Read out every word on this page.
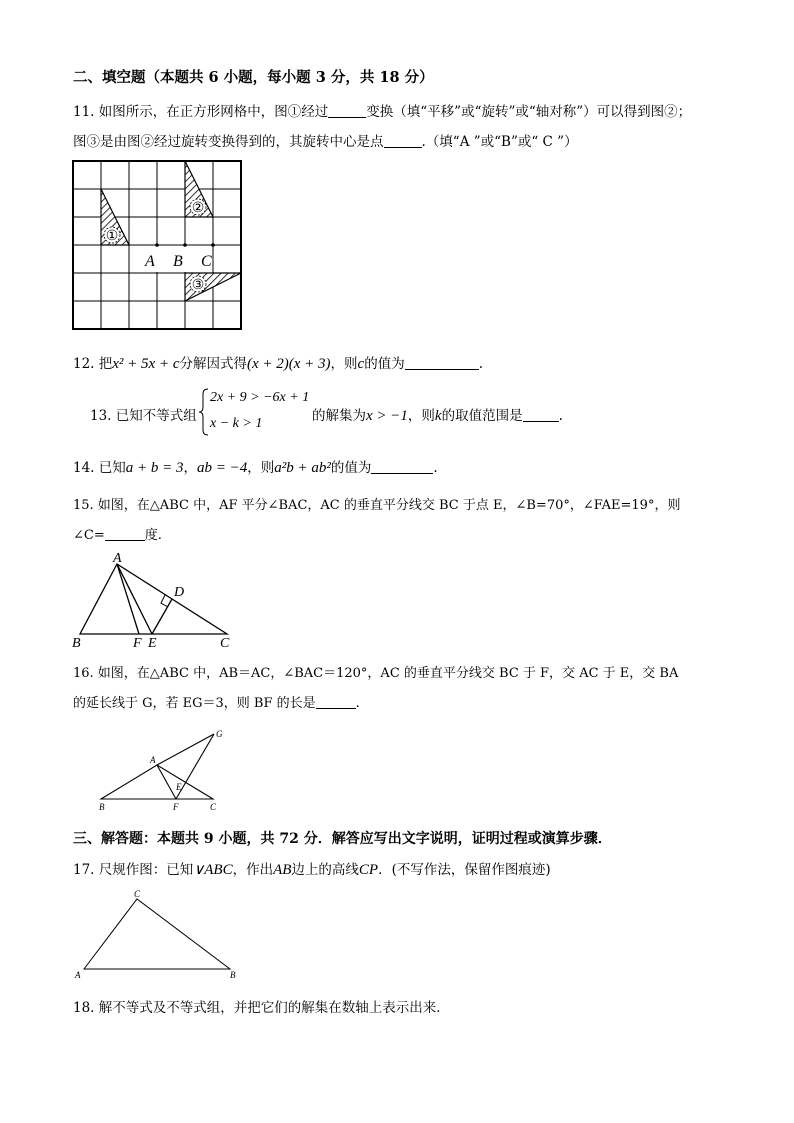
二、填空题（本题共 6 小题，每小题 3 分，共 18 分）
11. 如图所示，在正方形网格中，图①经过	变换（填“平移”或“旋转”或“轴对称”）可以得到图②；
图③是由图②经过旋转变换得到的，其旋转中心是点	.（填“A ”或“B”或“ C ”）
①
②
③
A B C
12. 把x² + 5x + c分解因式得(x + 2)(x + 3)，则c的值为	.
13. 已知不等式组
2x + 9 > −6x + 1
x − k > 1	的解集为x > −1，则k的取值范围是	.
14. 已知a + b = 3，ab = −4，则a²b + ab²的值为	.
15. 如图，在△ABC 中，AF 平分∠BAC，AC 的垂直平分线交 BC 于点 E，∠B=70°，∠FAE=19°，则
∠C=	度.
A
B	C
D
E
F
16. 如图，在△ABC 中，AB＝AC，∠BAC＝120°，AC 的垂直平分线交 BC 于 F，交 AC 于 E，交 BA
的延长线于 G，若 EG＝3，则 BF 的长是	.
A
B	C
E
F
G
三、解答题：本题共 9 小题，共 72 分．解答应写出文字说明，证明过程或演算步骤．
17. 尺规作图：已知∨ABC，作出AB边上的高线CP．(不写作法，保留作图痕迹)
C
A	B
18. 解不等式及不等式组，并把它们的解集在数轴上表示出来．
